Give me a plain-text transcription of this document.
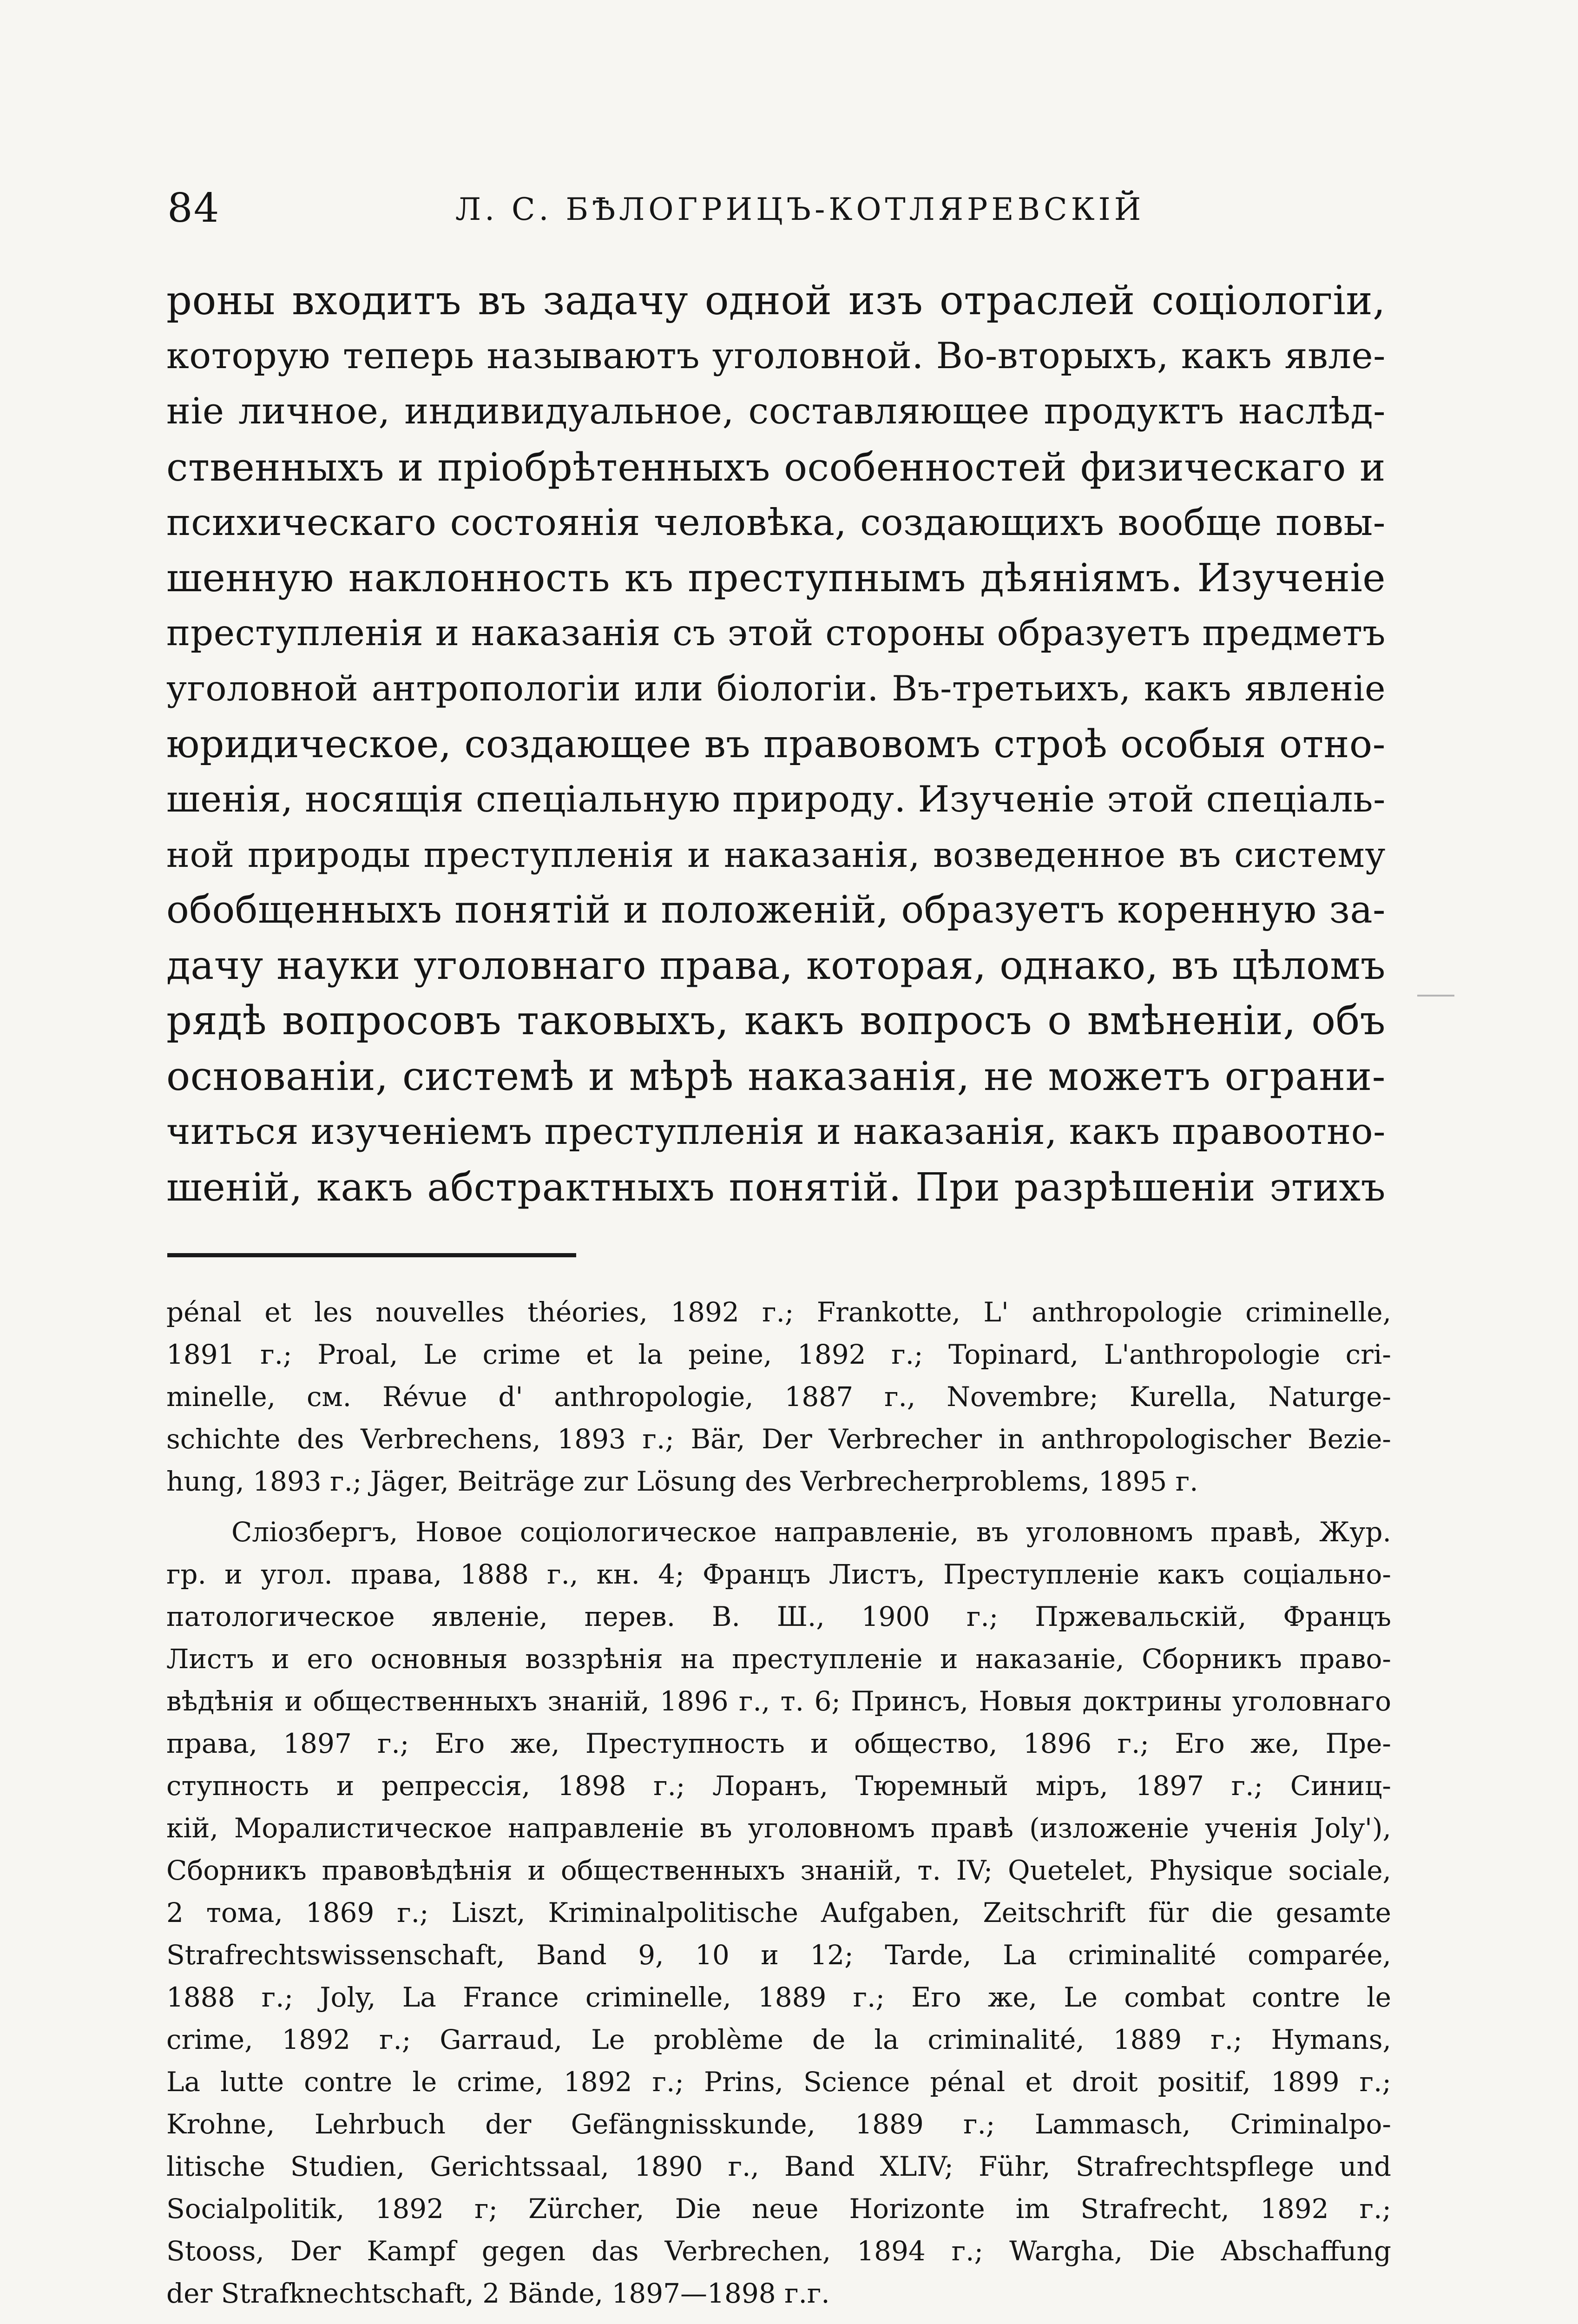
84	Л. С. БѢЛОГРИЦЪ-КОТЛЯРЕВСКІЙ
роны входитъ въ задачу одной изъ отраслей соціологіи,
которую теперь называютъ уголовной. Во-вторыхъ, какъ явле-
ніе личное, индивидуальное, составляющее продуктъ наслѣд-
ственныхъ и пріобрѣтенныхъ особенностей физическаго и
психическаго состоянія человѣка, создающихъ вообще повы-
шенную наклонность къ преступнымъ дѣяніямъ. Изученіе
преступленія и наказанія съ этой стороны образуетъ предметъ
уголовной антропологіи или біологіи. Въ-третьихъ, какъ явленіе
юридическое, создающее въ правовомъ строѣ особыя отно-
шенія, носящія спеціальную природу. Изученіе этой спеціаль-
ной природы преступленія и наказанія, возведенное въ систему
обобщенныхъ понятій и положеній, образуетъ коренную за-
дачу науки уголовнаго права, которая, однако, въ цѣломъ
рядѣ вопросовъ таковыхъ, какъ вопросъ о вмѣненіи, объ
основаніи, системѣ и мѣрѣ наказанія, не можетъ ограни-
читься изученіемъ преступленія и наказанія, какъ правоотно-
шеній, какъ абстрактныхъ понятій. При разрѣшеніи этихъ
pénal et les nouvelles théories, 1892 г.; Frankotte, L' anthropologie criminelle,
1891 г.; Proal, Le crime et la peine, 1892 г.; Topinard, L'anthropologie cri-
minelle, см. Révue d' anthropologie, 1887 г., Novembre; Kurella, Naturge-
schichte des Verbrechens, 1893 г.; Bär, Der Verbrecher in anthropologischer Bezie-
hung, 1893 г.; Jäger, Beiträge zur Lösung des Verbrecherproblems, 1895 г.
Сліозбергъ, Новое соціологическое направленіе, въ уголовномъ правѣ, Жур.
гр. и угол. права, 1888 г., кн. 4; Францъ Листъ, Преступленіе какъ соціально-
патологическое явленіе, перев. В. Ш., 1900 г.; Пржевальскій, Францъ
Листъ и его основныя воззрѣнія на преступленіе и наказаніе, Сборникъ право-
вѣдѣнія и общественныхъ знаній, 1896 г., т. 6; Принсъ, Новыя доктрины уголовнаго
права, 1897 г.; Его же, Преступность и общество, 1896 г.; Его же, Пре-
ступность и репрессія, 1898 г.; Лоранъ, Тюремный міръ, 1897 г.; Синиц-
кій, Моралистическое направленіе въ уголовномъ правѣ (изложеніе ученія Joly'),
Сборникъ правовѣдѣнія и общественныхъ знаній, т. IV; Quetelet, Physique sociale,
2 тома, 1869 г.; Liszt, Kriminalpolitische Aufgaben, Zeitschrift für die gesamte
Strafrechtswissenschaft, Band 9, 10 и 12; Tarde, La criminalité comparée,
1888 г.; Joly, La France criminelle, 1889 г.; Его же, Le combat contre le
crime, 1892 г.; Garraud, Le problème de la criminalité, 1889 г.; Hymans,
La lutte contre le crime, 1892 г.; Prins, Science pénal et droit positif, 1899 г.;
Krohne, Lehrbuch der Gefängnisskunde, 1889 г.; Lammasch, Criminalpo-
litische Studien, Gerichtssaal, 1890 г., Band XLIV; Führ, Strafrechtspflege und
Socialpolitik, 1892 г; Zürcher, Die neue Horizonte im Strafrecht, 1892 г.;
Stooss, Der Kampf gegen das Verbrechen, 1894 г.; Wargha, Die Abschaffung
der Strafknechtschaft, 2 Bände, 1897—1898 г.г.
